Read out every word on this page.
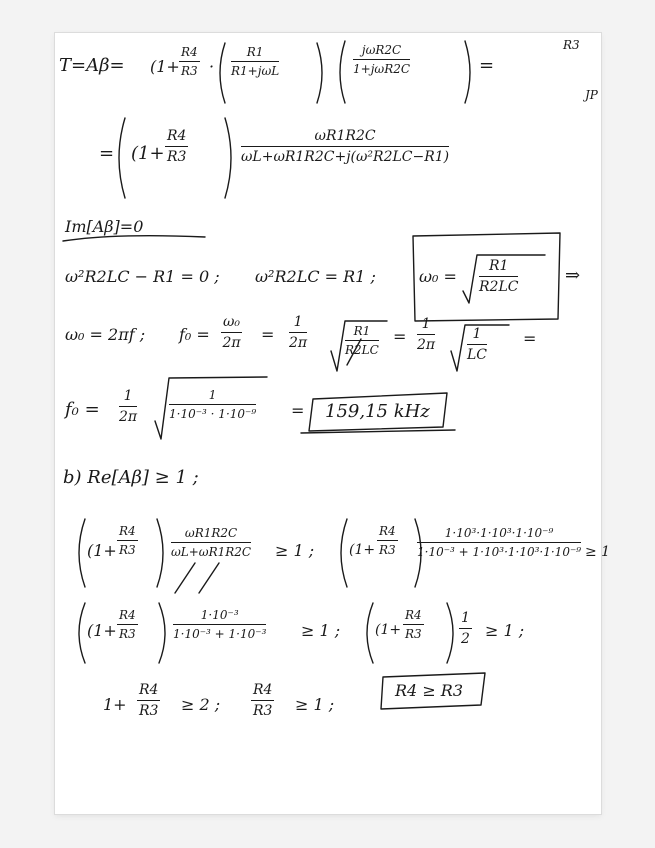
R3
JP
$T=A\beta= (1+ \frac{R4}{R3}$ ·
R1
R1+jωL
jωR2C
1+jωR2C	=
= ($1+ \frac{R4}{R3}$	$\frac{\omega R1R2C}{\text{ωL+ωR1R2C+j(ω²R2LC−R1)}}$
Im[Aβ]=0
ω²R2LC − R1 = 0 ; ω²R2LC = R1 ;	$\omega_0 = \frac{R1}{R2LC}$	⇒
ω₀ = 2πf ; $f_0 = \frac{\text{ω₀}}{2\pi} = \frac{1}{2\pi}$	$\frac{R1}{R2LC} = \frac{1}{2\pi} \frac{1}{LC}$ =
$f_0 = \frac{1}{2\pi}$	$\frac{1}{\text{1·10⁻³ · 1·10⁻⁹}} = 159,15$ kHz
b) Re[Aβ] ≥ 1 ;
($1+ \frac{R4}{R3}$	$\frac{\omega R1R2C}{\omega L+\omega R1R2C} \ge 1$ ; ($1+ \frac{R4}{R3} \frac{\text{1·10³·1·10³·1·10⁻⁹}}{\text{1·10⁻³ + 1·10³·1·10³·1·10⁻⁹}}$
($1+ \frac{R4}{R3}$	$\frac{\text{1·10⁻³}}{\text{1·10⁻³ + 1·10⁻³}} \ge 1$ ; ($1+ \frac{R4}{R3}$	$\frac{1}{2} \ge 1$ ;
$1+ \frac{R4}{R3} \ge 2$ ; $\frac{R4}{R3} \ge 1$ ;
R4 ≥ R3
≥ 1
